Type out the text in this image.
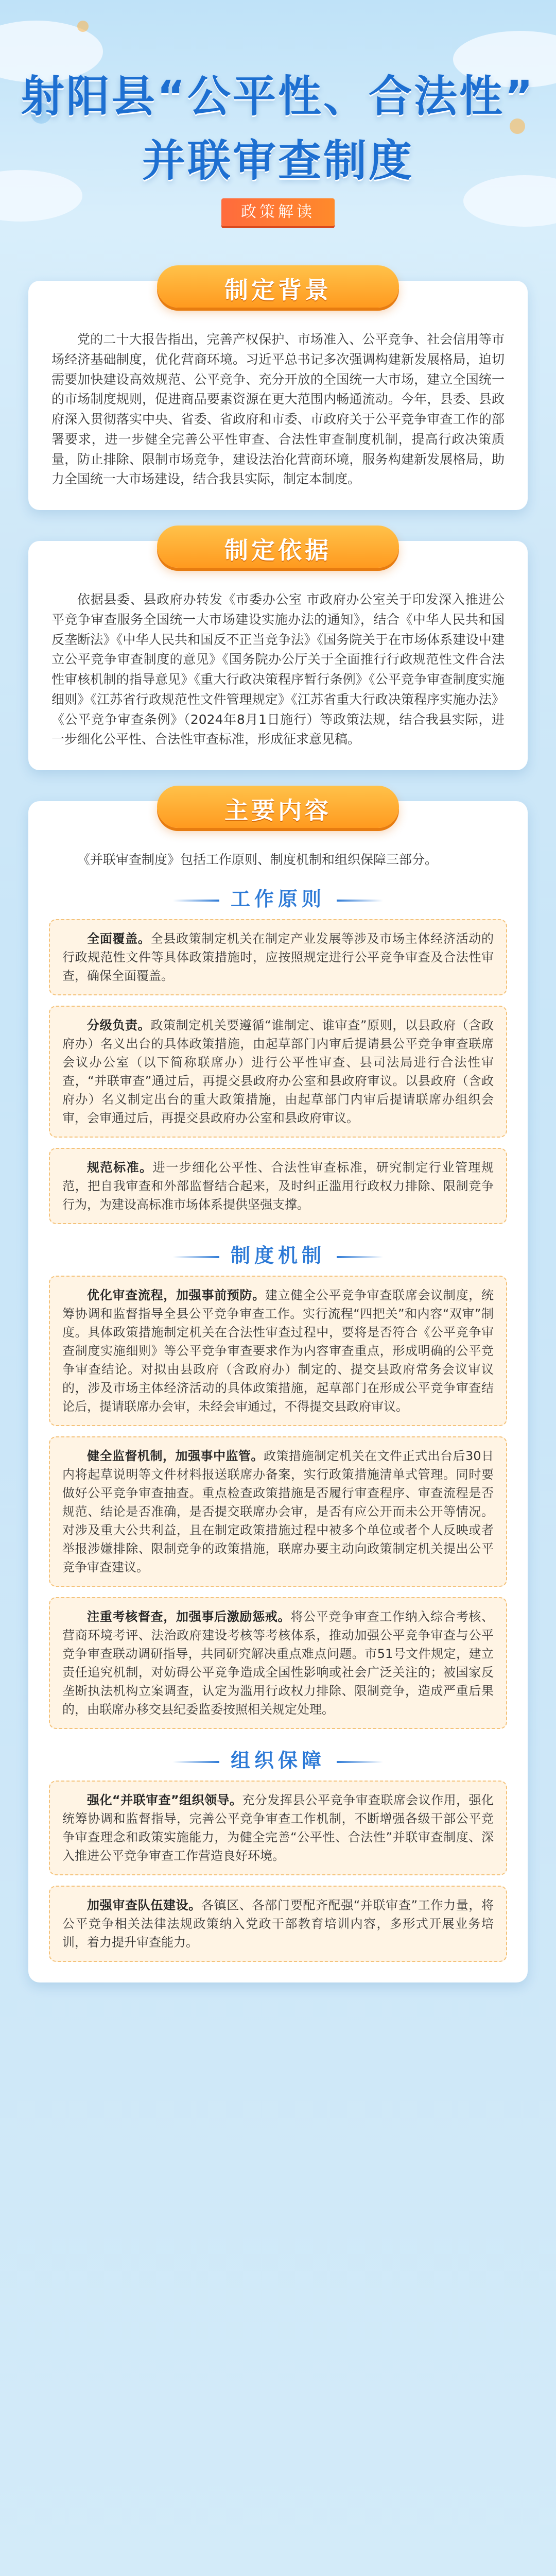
射阳县“公平性、合法性”
并联审查制度
政策解读
制定背景
党的二十大报告指出，完善产权保护、市场准入、公平竞争、社会信用等市场经济基础制度，优化营商环境。习近平总书记多次强调构建新发展格局，迫切需要加快建设高效规范、公平竞争、充分开放的全国统一大市场，建立全国统一的市场制度规则，促进商品要素资源在更大范围内畅通流动。今年，县委、县政府深入贯彻落实中央、省委、省政府和市委、市政府关于公平竞争审查工作的部署要求，进一步健全完善公平性审查、合法性审查制度机制，提高行政决策质量，防止排除、限制市场竞争，建设法治化营商环境，服务构建新发展格局，助力全国统一大市场建设，结合我县实际，制定本制度。
制定依据
依据县委、县政府办转发《市委办公室 市政府办公室关于印发深入推进公平竞争审查服务全国统一大市场建设实施办法的通知》，结合《中华人民共和国反垄断法》《中华人民共和国反不正当竞争法》《国务院关于在市场体系建设中建立公平竞争审查制度的意见》《国务院办公厅关于全面推行行政规范性文件合法性审核机制的指导意见》《重大行政决策程序暂行条例》《公平竞争审查制度实施细则》《江苏省行政规范性文件管理规定》《江苏省重大行政决策程序实施办法》《公平竞争审查条例》（2024年8月1日施行）等政策法规，结合我县实际，进一步细化公平性、合法性审查标准，形成征求意见稿。
主要内容
《并联审查制度》包括工作原则、制度机制和组织保障三部分。
工作原则
全面覆盖。全县政策制定机关在制定产业发展等涉及市场主体经济活动的行政规范性文件等具体政策措施时，应按照规定进行公平竞争审查及合法性审查，确保全面覆盖。
分级负责。政策制定机关要遵循“谁制定、谁审查”原则，以县政府（含政府办）名义出台的具体政策措施，由起草部门内审后提请县公平竞争审查联席会议办公室（以下简称联席办）进行公平性审查、县司法局进行合法性审查，“并联审查”通过后，再提交县政府办公室和县政府审议。以县政府（含政府办）名义制定出台的重大政策措施，由起草部门内审后提请联席办组织会审，会审通过后，再提交县政府办公室和县政府审议。
规范标准。进一步细化公平性、合法性审查标准，研究制定行业管理规范，把自我审查和外部监督结合起来，及时纠正滥用行政权力排除、限制竞争行为，为建设高标准市场体系提供坚强支撑。
制度机制
优化审查流程，加强事前预防。建立健全公平竞争审查联席会议制度，统筹协调和监督指导全县公平竞争审查工作。实行流程“四把关”和内容“双审”制度。具体政策措施制定机关在合法性审查过程中，要将是否符合《公平竞争审查制度实施细则》等公平竞争审查要求作为内容审查重点，形成明确的公平竞争审查结论。对拟由县政府（含政府办）制定的、提交县政府常务会议审议的，涉及市场主体经济活动的具体政策措施，起草部门在形成公平竞争审查结论后，提请联席办会审，未经会审通过，不得提交县政府审议。
健全监督机制，加强事中监管。政策措施制定机关在文件正式出台后30日内将起草说明等文件材料报送联席办备案，实行政策措施清单式管理。同时要做好公平竞争审查抽查。重点检查政策措施是否履行审查程序、审查流程是否规范、结论是否准确，是否提交联席办会审，是否有应公开而未公开等情况。对涉及重大公共利益，且在制定政策措施过程中被多个单位或者个人反映或者举报涉嫌排除、限制竞争的政策措施，联席办要主动向政策制定机关提出公平竞争审查建议。
注重考核督查，加强事后激励惩戒。将公平竞争审查工作纳入综合考核、营商环境考评、法治政府建设考核等考核体系，推动加强公平竞争审查与公平竞争审查联动调研指导，共同研究解决重点难点问题。市51号文件规定，建立责任追究机制，对妨碍公平竞争造成全国性影响或社会广泛关注的；被国家反垄断执法机构立案调查，认定为滥用行政权力排除、限制竞争，造成严重后果的，由联席办移交县纪委监委按照相关规定处理。
组织保障
强化“并联审查”组织领导。充分发挥县公平竞争审查联席会议作用，强化统筹协调和监督指导，完善公平竞争审查工作机制，不断增强各级干部公平竞争审查理念和政策实施能力，为健全完善“公平性、合法性”并联审查制度、深入推进公平竞争审查工作营造良好环境。
加强审查队伍建设。各镇区、各部门要配齐配强“并联审查”工作力量，将公平竞争相关法律法规政策纳入党政干部教育培训内容，多形式开展业务培训，着力提升审查能力。
